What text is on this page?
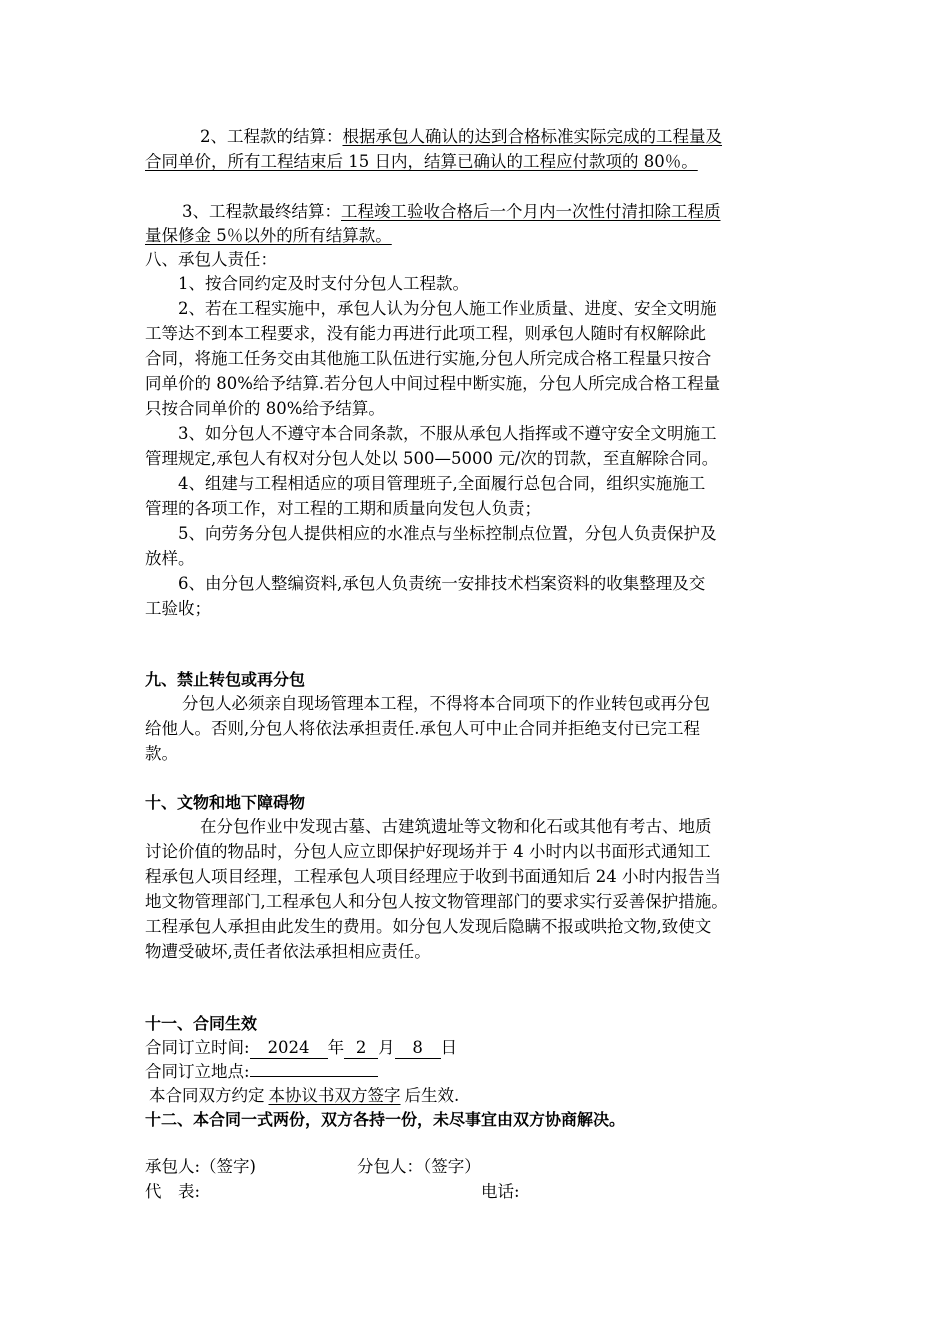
2、工程款的结算：根据承包人确认的达到合格标准实际完成的工程量及
合同单价，所有工程结束后 15 日内，结算已确认的工程应付款项的 80％。
3、工程款最终结算：工程竣工验收合格后一个月内一次性付清扣除工程质
量保修金 5％以外的所有结算款。
八、承包人责任：
1、按合同约定及时支付分包人工程款。
2、若在工程实施中，承包人认为分包人施工作业质量、进度、安全文明施
工等达不到本工程要求，没有能力再进行此项工程，则承包人随时有权解除此
合同，将施工任务交由其他施工队伍进行实施,分包人所完成合格工程量只按合
同单价的 80%给予结算.若分包人中间过程中断实施，分包人所完成合格工程量
只按合同单价的 80%给予结算。
3、如分包人不遵守本合同条款，不服从承包人指挥或不遵守安全文明施工
管理规定,承包人有权对分包人处以 500—5000 元/次的罚款，至直解除合同。
4、组建与工程相适应的项目管理班子,全面履行总包合同，组织实施施工
管理的各项工作，对工程的工期和质量向发包人负责；
5、向劳务分包人提供相应的水准点与坐标控制点位置，分包人负责保护及
放样。
6、由分包人整编资料,承包人负责统一安排技术档案资料的收集整理及交
工验收；
九、禁止转包或再分包
分包人必须亲自现场管理本工程，不得将本合同项下的作业转包或再分包
给他人。否则,分包人将依法承担责任.承包人可中止合同并拒绝支付已完工程
款。
十、文物和地下障碍物
在分包作业中发现古墓、古建筑遗址等文物和化石或其他有考古、地质
讨论价值的物品时，分包人应立即保护好现场并于 4 小时内以书面形式通知工
程承包人项目经理，工程承包人项目经理应于收到书面通知后 24 小时内报告当
地文物管理部门,工程承包人和分包人按文物管理部门的要求实行妥善保护措施。
工程承包人承担由此发生的费用。如分包人发现后隐瞒不报或哄抢文物,致使文
物遭受破坏,责任者依法承担相应责任。
十一、合同生效
合同订立时间: 2024 年 2 月 8 日
合同订立地点:
本合同双方约定 本协议书双方签字 后生效.
十二、本合同一式两份，双方各持一份，未尽事宜由双方协商解决。
承包人:（签字)	分包人：（签字）
代　表:	电话:
